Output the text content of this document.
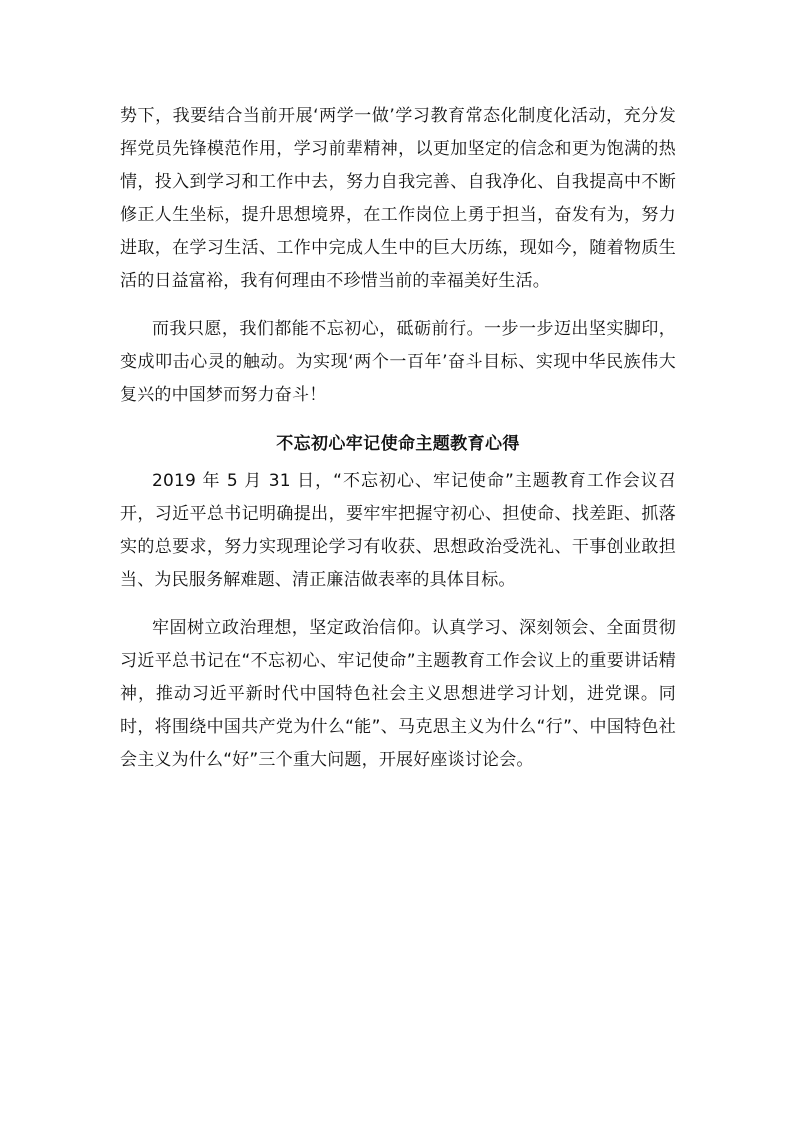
势下，我要结合当前开展‘两学一做’学习教育常态化制度化活动，充分发挥党员先锋模范作用，学习前辈精神，以更加坚定的信念和更为饱满的热情，投入到学习和工作中去，努力自我完善、自我净化、自我提高中不断修正人生坐标，提升思想境界，在工作岗位上勇于担当，奋发有为，努力进取，在学习生活、工作中完成人生中的巨大历练，现如今，随着物质生活的日益富裕，我有何理由不珍惜当前的幸福美好生活。

而我只愿，我们都能不忘初心，砥砺前行。一步一步迈出坚实脚印，变成叩击心灵的触动。为实现‘两个一百年’奋斗目标、实现中华民族伟大复兴的中国梦而努力奋斗！

不忘初心牢记使命主题教育心得

2019 年 5 月 31 日，“不忘初心、牢记使命”主题教育工作会议召开，习近平总书记明确提出，要牢牢把握守初心、担使命、找差距、抓落实的总要求，努力实现理论学习有收获、思想政治受洗礼、干事创业敢担当、为民服务解难题、清正廉洁做表率的具体目标。

牢固树立政治理想，坚定政治信仰。认真学习、深刻领会、全面贯彻习近平总书记在“不忘初心、牢记使命”主题教育工作会议上的重要讲话精神，推动习近平新时代中国特色社会主义思想进学习计划，进党课。同时，将围绕中国共产党为什么“能”、马克思主义为什么“行”、中国特色社会主义为什么“好”三个重大问题，开展好座谈讨论会。
